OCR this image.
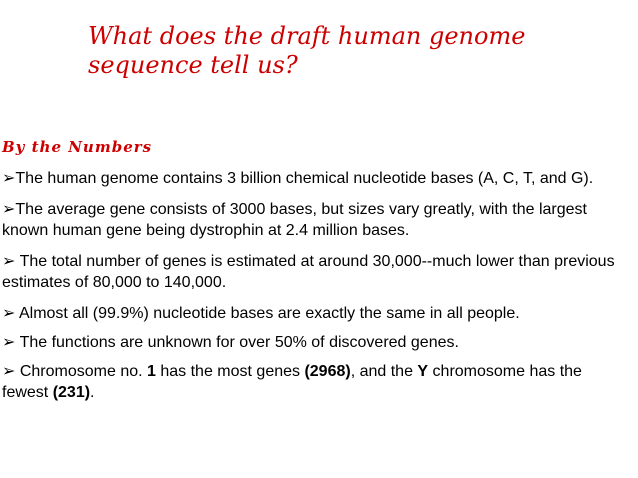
What does the draft human genome
sequence tell us?
By the Numbers
➢The human genome contains 3 billion chemical nucleotide bases (A, C, T, and G).
➢The average gene consists of 3000 bases, but sizes vary greatly, with the largest known human gene being dystrophin at 2.4 million bases.
➢ The total number of genes is estimated at around 30,000--much lower than previous estimates of 80,000 to 140,000.
➢ Almost all (99.9%) nucleotide bases are exactly the same in all people.
➢ The functions are unknown for over 50% of discovered genes.
➢ Chromosome no. 1 has the most genes (2968), and the Y chromosome has the fewest (231).
